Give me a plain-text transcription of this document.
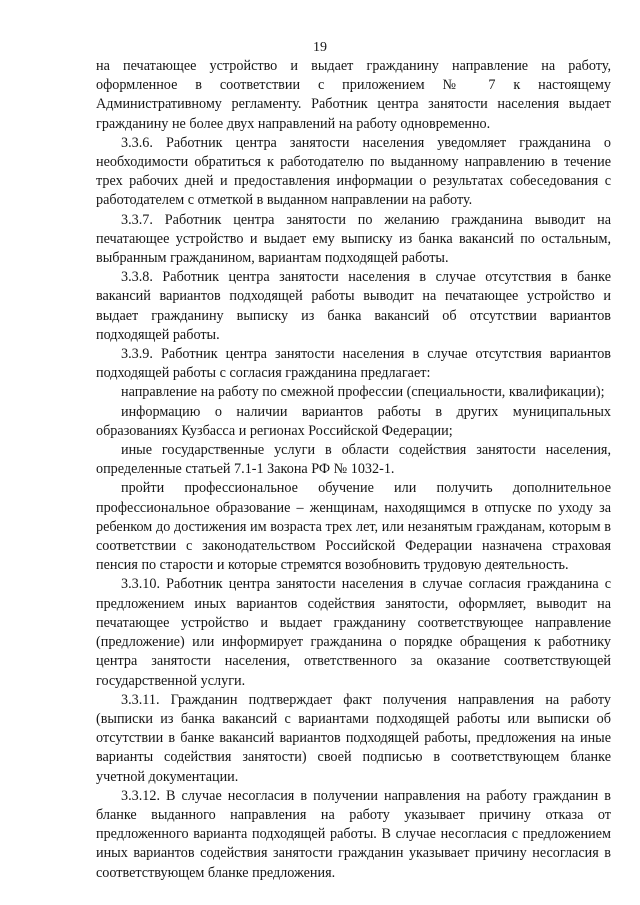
19

на печатающее устройство и выдает гражданину направление на работу, оформленное в соответствии с приложением № 7 к настоящему Административному регламенту. Работник центра занятости населения выдает гражданину не более двух направлений на работу одновременно.

3.3.6. Работник центра занятости населения уведомляет гражданина о необходимости обратиться к работодателю по выданному направлению в течение трех рабочих дней и предоставления информации о результатах собеседования с работодателем с отметкой в выданном направлении на работу.

3.3.7. Работник центра занятости по желанию гражданина выводит на печатающее устройство и выдает ему выписку из банка вакансий по остальным, выбранным гражданином, вариантам подходящей работы.

3.3.8. Работник центра занятости населения в случае отсутствия в банке вакансий вариантов подходящей работы выводит на печатающее устройство и выдает гражданину выписку из банка вакансий об отсутствии вариантов подходящей работы.

3.3.9. Работник центра занятости населения в случае отсутствия вариантов подходящей работы с согласия гражданина предлагает:

направление на работу по смежной профессии (специальности, квалификации);

информацию о наличии вариантов работы в других муниципальных образованиях Кузбасса и регионах Российской Федерации;

иные государственные услуги в области содействия занятости населения, определенные статьей 7.1-1 Закона РФ № 1032-1.

пройти профессиональное обучение или получить дополнительное профессиональное образование – женщинам, находящимся в отпуске по уходу за ребенком до достижения им возраста трех лет, или незанятым гражданам, которым в соответствии с законодательством Российской Федерации назначена страховая пенсия по старости и которые стремятся возобновить трудовую деятельность.

3.3.10. Работник центра занятости населения в случае согласия гражданина с предложением иных вариантов содействия занятости, оформляет, выводит на печатающее устройство и выдает гражданину соответствующее направление (предложение) или информирует гражданина о порядке обращения к работнику центра занятости населения, ответственного за оказание соответствующей государственной услуги.

3.3.11. Гражданин подтверждает факт получения направления на работу (выписки из банка вакансий с вариантами подходящей работы или выписки об отсутствии в банке вакансий вариантов подходящей работы, предложения на иные варианты содействия занятости) своей подписью в соответствующем бланке учетной документации.

3.3.12. В случае несогласия в получении направления на работу гражданин в бланке выданного направления на работу указывает причину отказа от предложенного варианта подходящей работы. В случае несогласия с предложением иных вариантов содействия занятости гражданин указывает причину несогласия в соответствующем бланке предложения.
